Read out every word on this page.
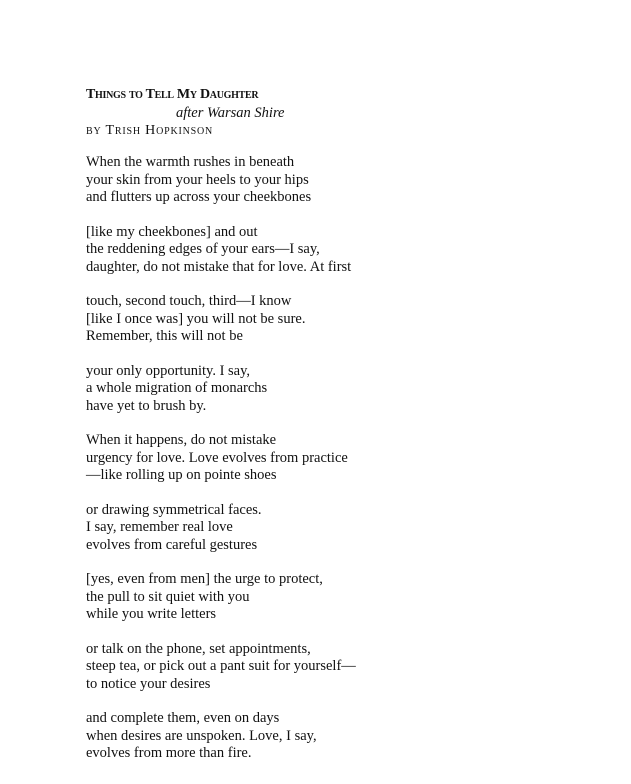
Things to Tell My Daughter

after Warsan Shire

by Trish Hopkinson

When the warmth rushes in beneath
your skin from your heels to your hips
and flutters up across your cheekbones
[like my cheekbones] and out
the reddening edges of your ears—I say,
daughter, do not mistake that for love. At first
touch, second touch, third—I know
[like I once was] you will not be sure.
Remember, this will not be
your only opportunity. I say,
a whole migration of monarchs
have yet to brush by.
When it happens, do not mistake
urgency for love. Love evolves from practice
—like rolling up on pointe shoes
or drawing symmetrical faces.
I say, remember real love
evolves from careful gestures
[yes, even from men] the urge to protect,
the pull to sit quiet with you
while you write letters
or talk on the phone, set appointments,
steep tea, or pick out a pant suit for yourself—
to notice your desires
and complete them, even on days
when desires are unspoken. Love, I say,
evolves from more than fire.
